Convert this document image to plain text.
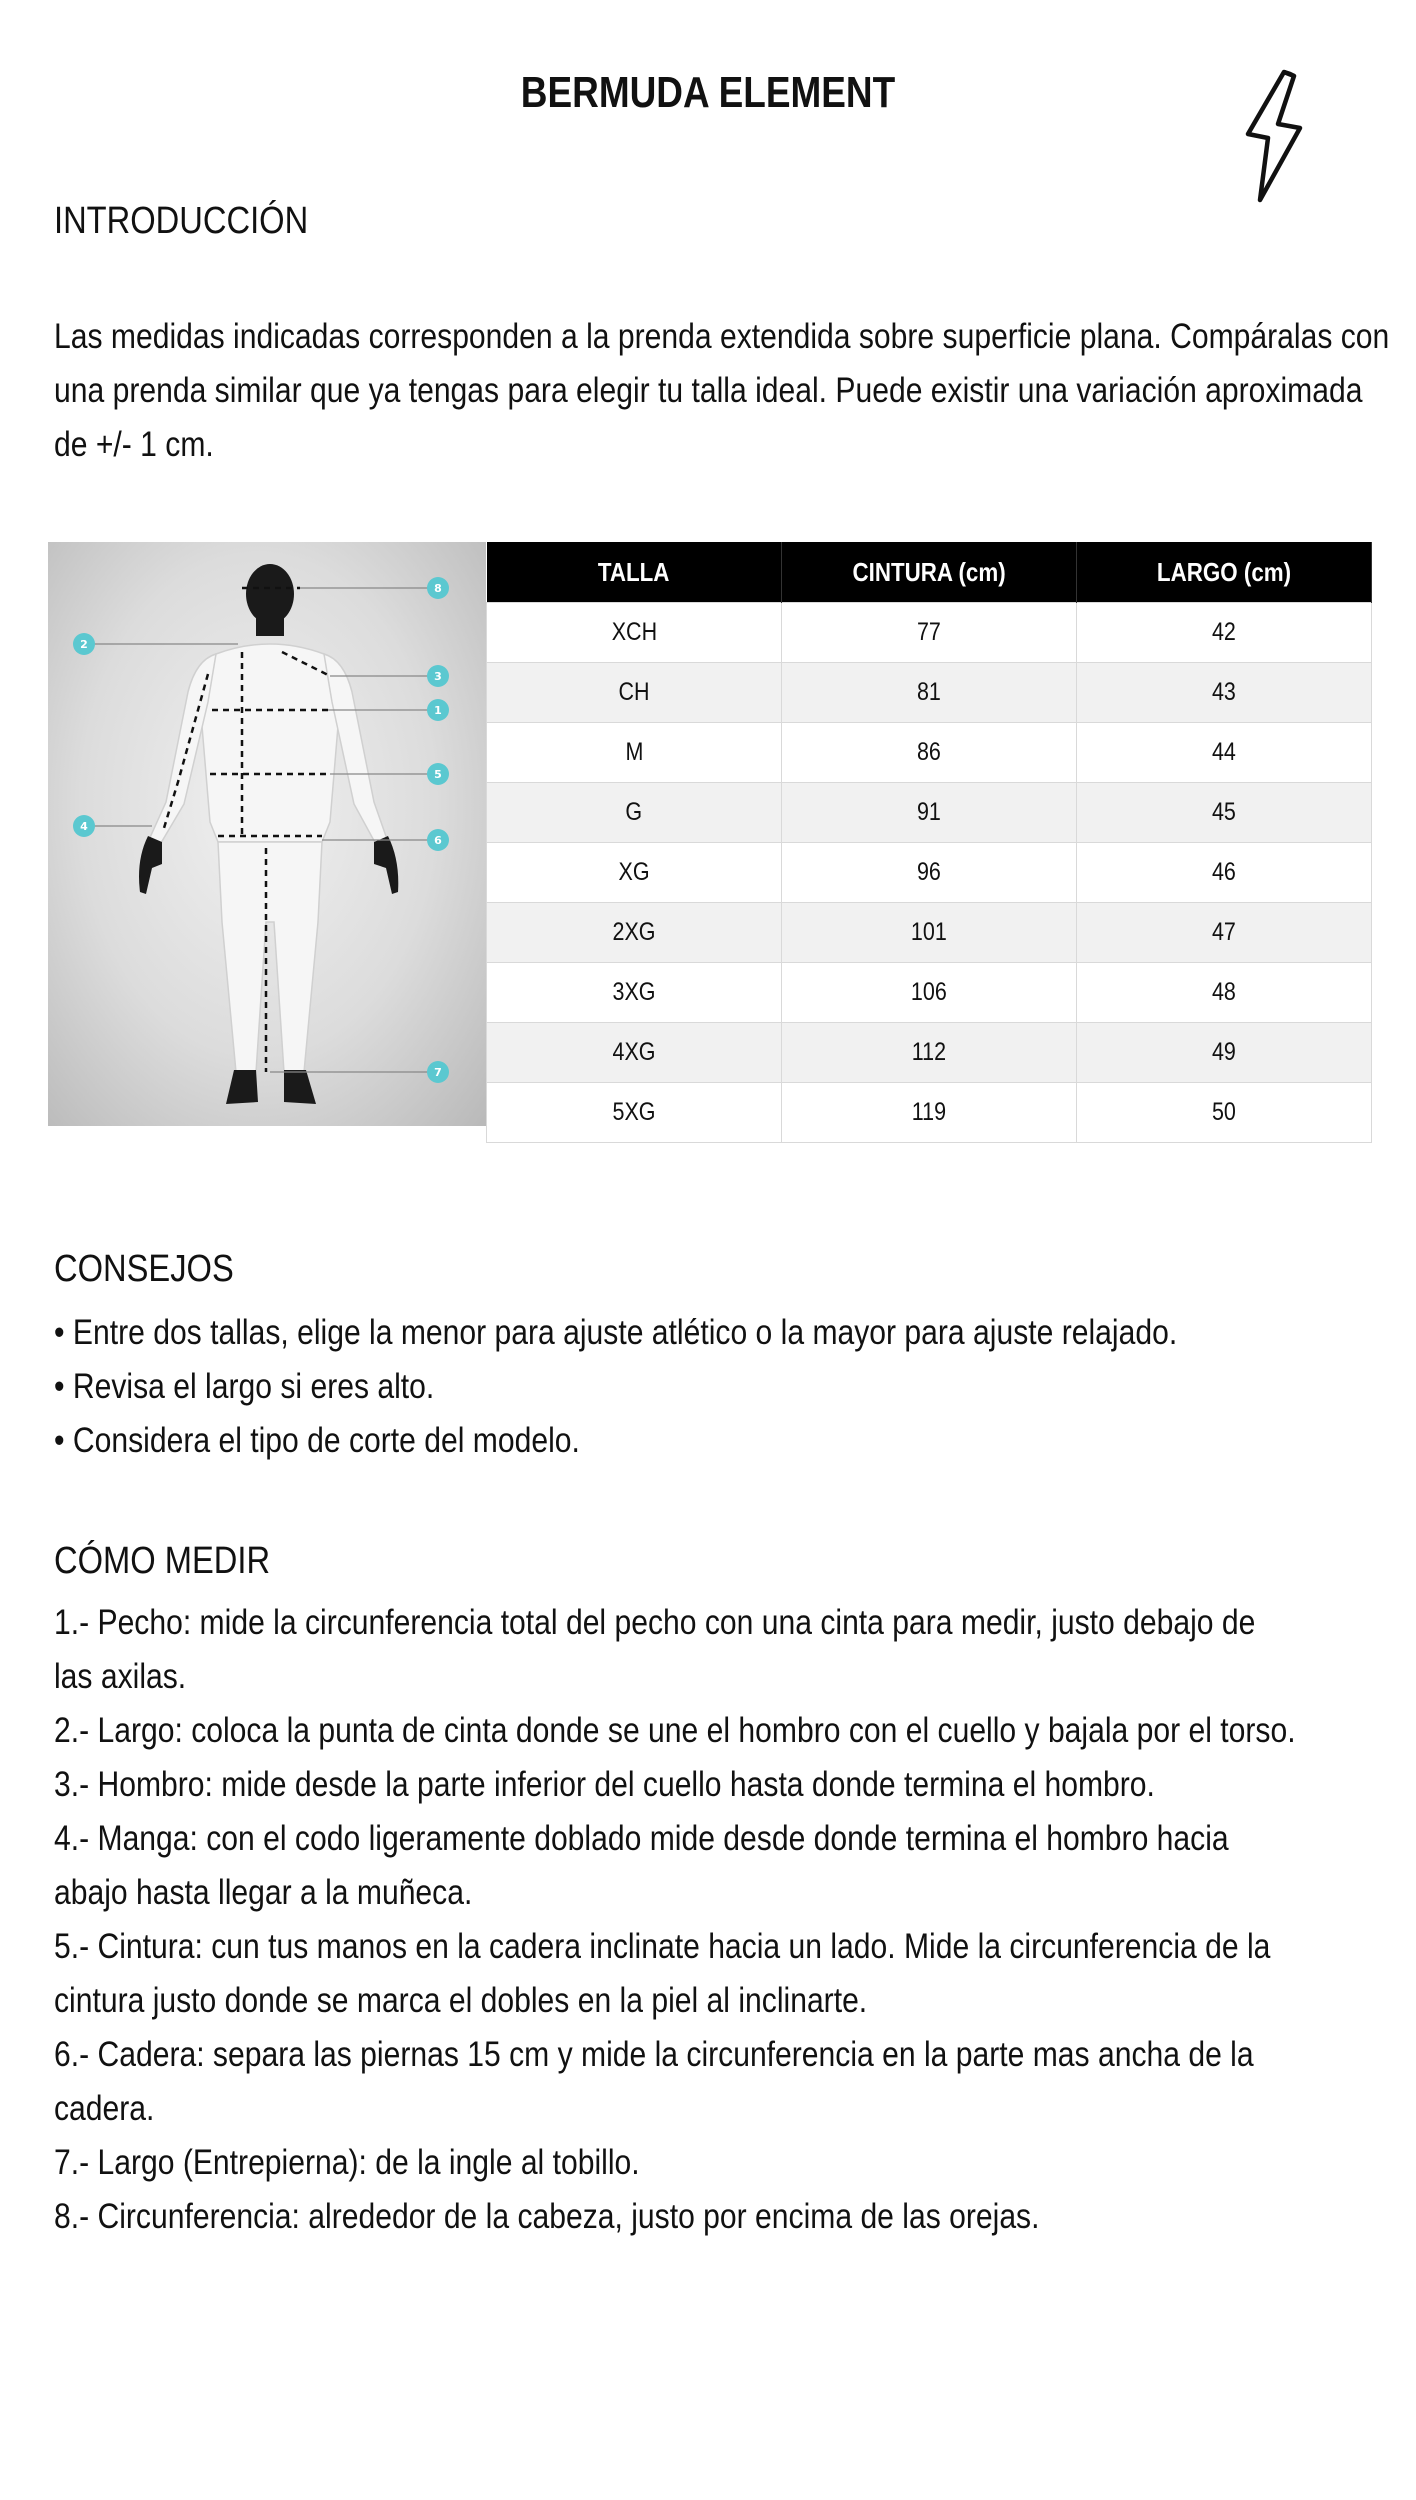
BERMUDA ELEMENT
INTRODUCCIÓN

Las medidas indicadas corresponden a la prenda extendida sobre superficie plana. Compáralas con

una prenda similar que ya tengas para elegir tu talla ideal. Puede existir una variación aproximada

de +/- 1 cm.

8
2
3
1
5
4
6
7
TALLA	CINTURA (cm)	LARGO (cm)
XCH	77	42
CH	81	43
M	86	44
G	91	45
XG	96	46
2XG	101	47
3XG	106	48
4XG	112	49
5XG	119	50
CONSEJOS

• Entre dos tallas, elige la menor para ajuste atlético o la mayor para ajuste relajado.

• Revisa el largo si eres alto.

• Considera el tipo de corte del modelo.

CÓMO MEDIR

1.- Pecho: mide la circunferencia total del pecho con una cinta para medir, justo debajo de

las axilas.

2.- Largo: coloca la punta de cinta donde se une el hombro con el cuello y bajala por el torso.

3.- Hombro: mide desde la parte inferior del cuello hasta donde termina el hombro.

4.- Manga: con el codo ligeramente doblado mide desde donde termina el hombro hacia

abajo hasta llegar a la muñeca.

5.- Cintura: cun tus manos en la cadera inclinate hacia un lado. Mide la circunferencia de la

cintura justo donde se marca el dobles en la piel al inclinarte.

6.- Cadera: separa las piernas 15 cm y mide la circunferencia en la parte mas ancha de la

cadera.

7.- Largo (Entrepierna): de la ingle al tobillo.

8.- Circunferencia: alrededor de la cabeza, justo por encima de las orejas.
